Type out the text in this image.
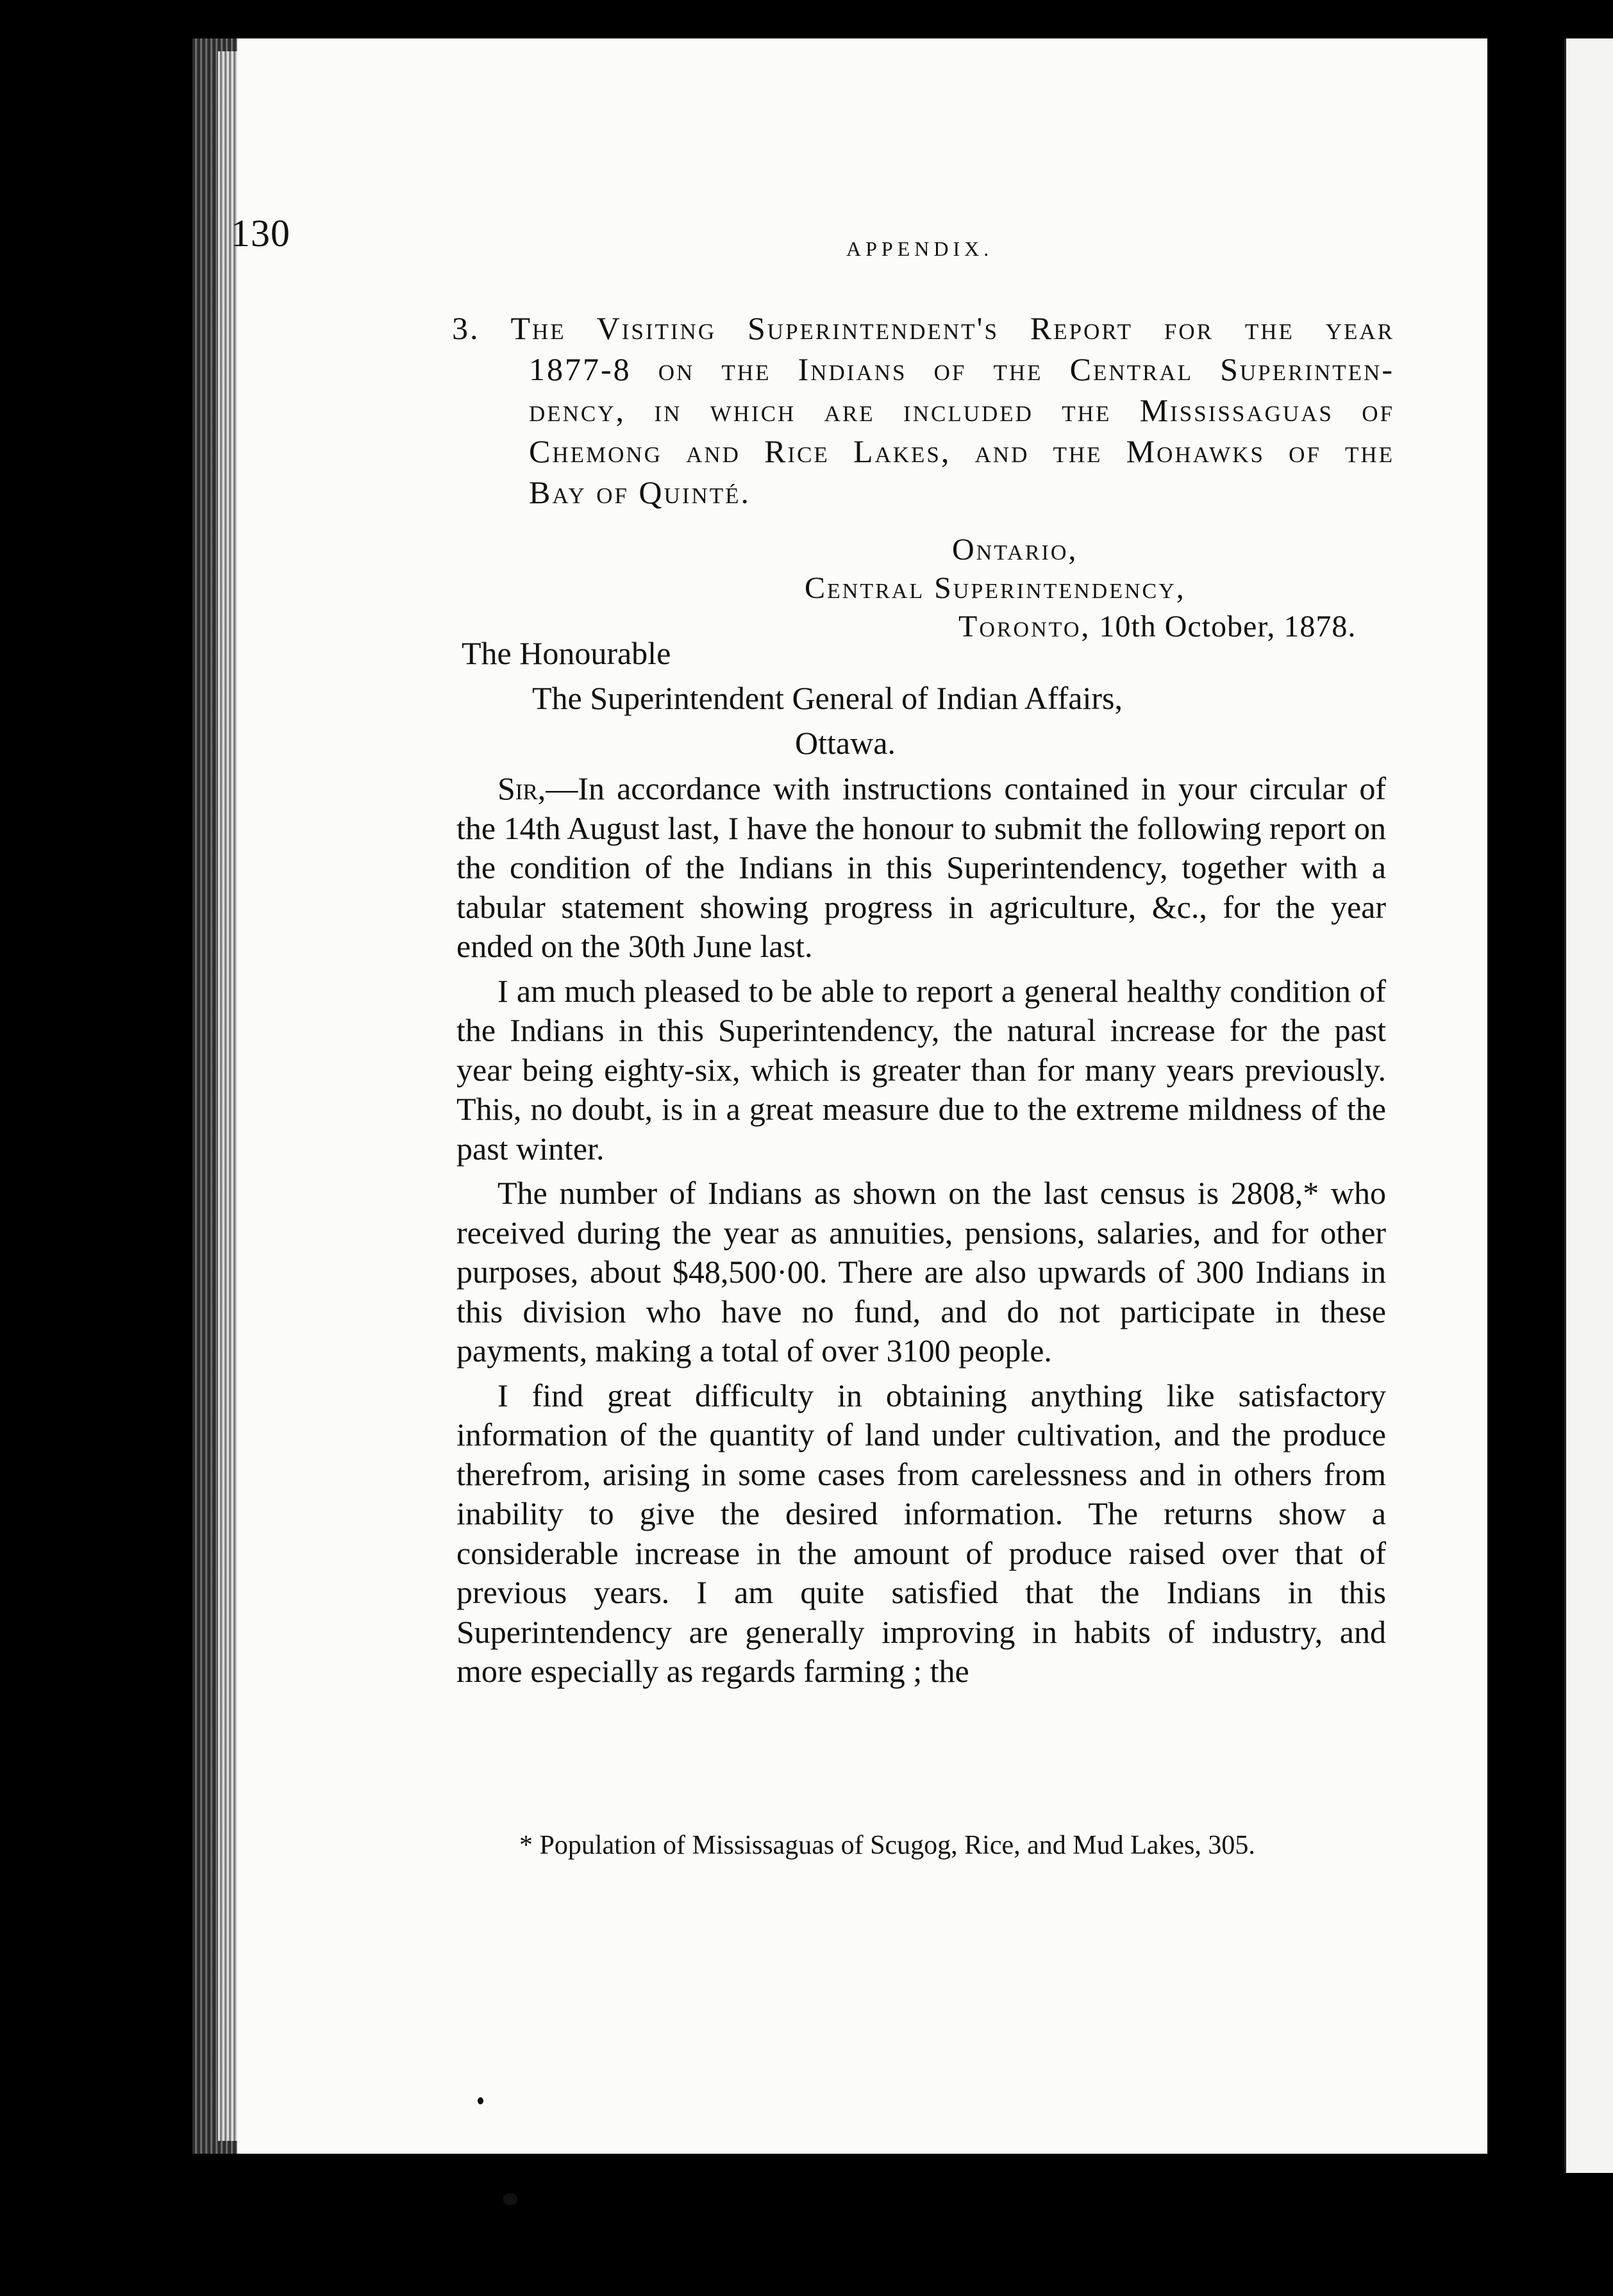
130	APPENDIX.
3. The Visiting Superintendent's Report for the year
1877-8 on the Indians of the Central Superinten-
dency, in which are included the Mississaguas of
Chemong and Rice Lakes, and the Mohawks of the
Bay of Quinté.
Ontario,
Central Superintendency,
Toronto, 10th October, 1878.
The Honourable
The Superintendent General of Indian Affairs,
Ottawa.

Sir,—In accordance with instructions contained in your circular of the 14th August last, I have the honour to submit the following report on the condition of the Indians in this Superintendency, together with a tabular statement showing progress in agriculture, &c., for the year ended on the 30th June last.

I am much pleased to be able to report a general healthy condition of the Indians in this Superintendency, the natural increase for the past year being eighty-six, which is greater than for many years previously. This, no doubt, is in a great measure due to the extreme mildness of the past winter.

The number of Indians as shown on the last census is 2808,* who received during the year as annuities, pensions, salaries, and for other purposes, about $48,500·00. There are also upwards of 300 Indians in this division who have no fund, and do not participate in these payments, making a total of over 3100 people.

I find great difficulty in obtaining anything like satisfactory information of the quantity of land under cultivation, and the produce therefrom, arising in some cases from carelessness and in others from inability to give the desired information. The returns show a considerable increase in the amount of produce raised over that of previous years. I am quite satisfied that the Indians in this Superintendency are generally improving in habits of industry, and more especially as regards farming ; the

* Population of Mississaguas of Scugog, Rice, and Mud Lakes, 305.
